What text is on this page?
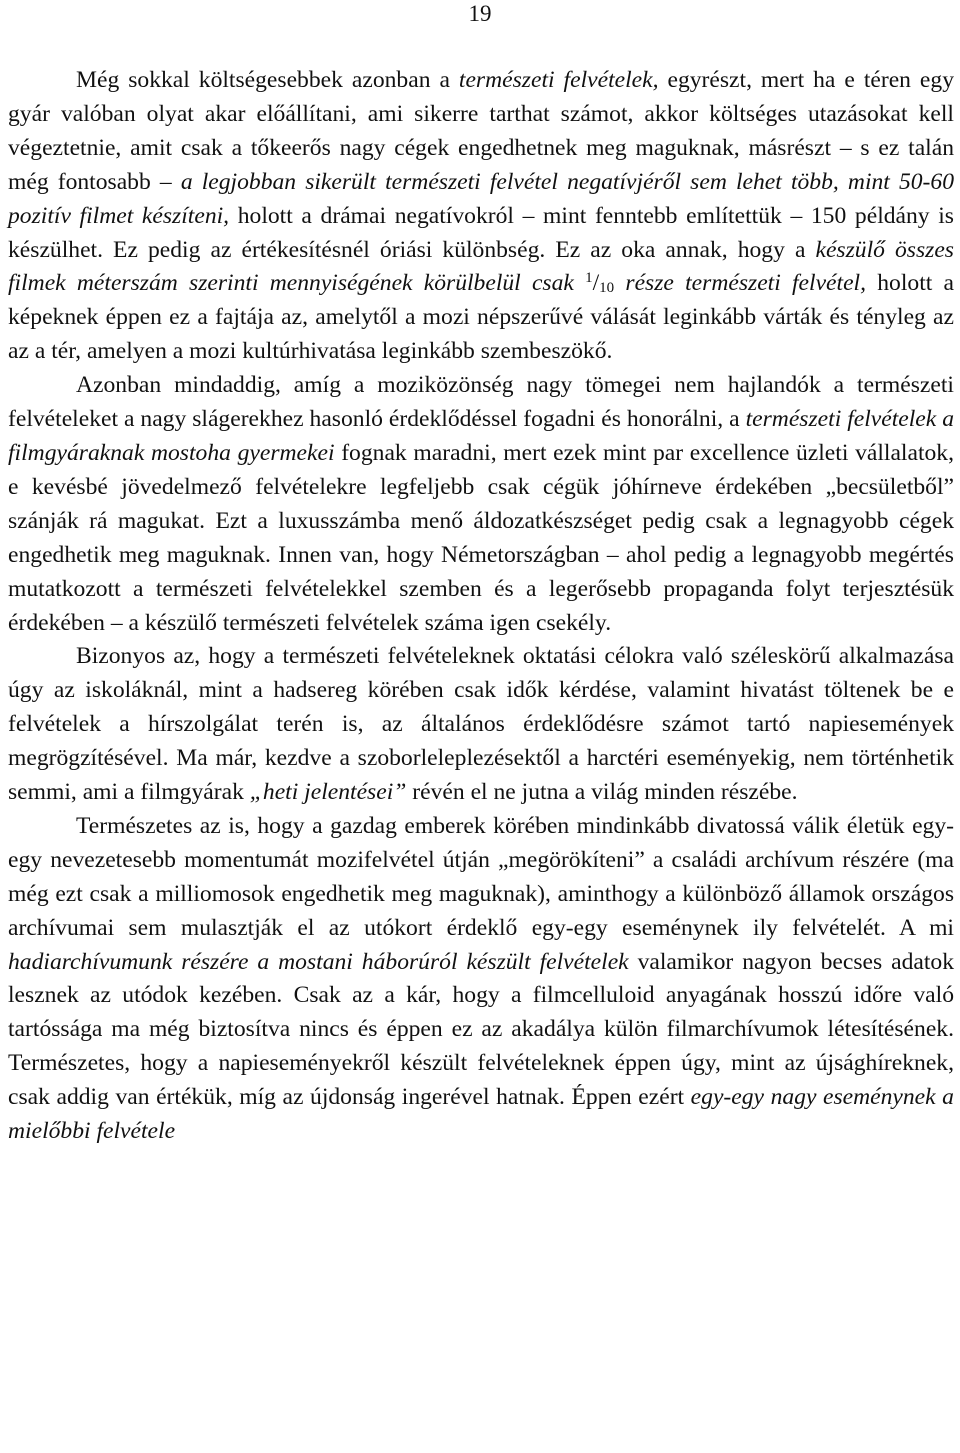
19

Még sokkal költségesebbek azonban a természeti felvételek, egyrészt, mert ha e téren egy gyár valóban olyat akar előállítani, ami sikerre tarthat számot, akkor költséges utazásokat kell végeztetnie, amit csak a tőkeerős nagy cégek engedhetnek meg maguknak, másrészt – s ez talán még fontosabb – a legjobban sikerült természeti felvétel negatívjéről sem lehet több, mint 50-60 pozitív filmet készíteni, holott a drámai negatívokról – mint fenntebb említettük – 150 példány is készülhet. Ez pedig az értékesítésnél óriási különbség. Ez az oka annak, hogy a készülő összes filmek méterszám szerinti mennyiségének körülbelül csak $^1/_{10}$ része természeti felvétel, holott a képeknek éppen ez a fajtája az, amelytől a mozi népszerűvé válását leginkább várták és tényleg az az a tér, amelyen a mozi kultúrhivatása leginkább szembeszökő.

Azonban mindaddig, amíg a moziközönség nagy tömegei nem hajlandók a természeti felvételeket a nagy slágerekhez hasonló érdeklődéssel fogadni és honorálni, a természeti felvételek a filmgyáraknak mostoha gyermekei fognak maradni, mert ezek mint par excellence üzleti vállalatok, e kevésbé jövedelmező felvételekre legfeljebb csak cégük jóhírneve érdekében „becsületből” szánják rá magukat. Ezt a luxusszámba menő áldozatkészséget pedig csak a legnagyobb cégek engedhetik meg maguknak. Innen van, hogy Németországban – ahol pedig a legnagyobb megértés mutatkozott a természeti felvételekkel szemben és a legerősebb propaganda folyt terjesztésük érdekében – a készülő természeti felvételek száma igen csekély.

Bizonyos az, hogy a természeti felvételeknek oktatási célokra való széleskörű alkalmazása úgy az iskoláknál, mint a hadsereg körében csak idők kérdése, valamint hivatást töltenek be e felvételek a hírszolgálat terén is, az általános érdeklődésre számot tartó napiesemények megrögzítésével. Ma már, kezdve a szoborleleplezésektől a harctéri eseményekig, nem történhetik semmi, ami a filmgyárak „heti jelentései” révén el ne jutna a világ minden részébe.

Természetes az is, hogy a gazdag emberek körében mindinkább divatossá válik életük egy-egy nevezetesebb momentumát mozifelvétel útján „megörökíteni” a családi archívum részére (ma még ezt csak a milliomosok engedhetik meg maguknak), aminthogy a különböző államok országos archívumai sem mulasztják el az utókort érdeklő egy-egy eseménynek ily felvételét. A mi hadiarchívumunk részére a mostani háborúról készült felvételek valamikor nagyon becses adatok lesznek az utódok kezében. Csak az a kár, hogy a filmcelluloid anyagának hosszú időre való tartóssága ma még biztosítva nincs és éppen ez az akadálya külön filmarchívumok létesítésének. Természetes, hogy a napieseményekről készült felvételeknek éppen úgy, mint az újsághíreknek, csak addig van értékük, míg az újdonság ingerével hatnak. Éppen ezért egy-egy nagy eseménynek a mielőbbi felvétele
